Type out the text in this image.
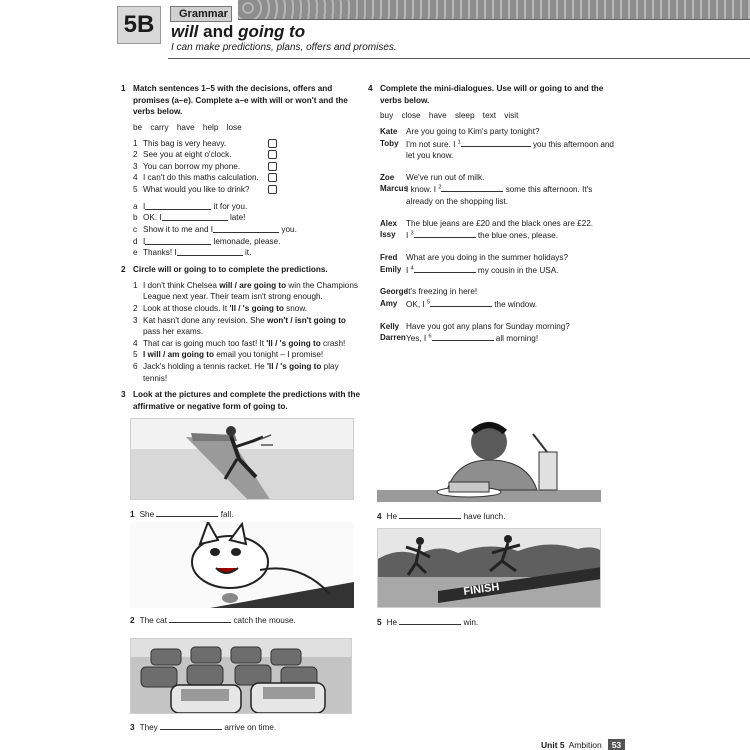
5B	Grammar
will and going to
I can make predictions, plans, offers and promises.
1 Match sentences 1–5 with the decisions, offers and promises (a–e). Complete a–e with will or won't and the verbs below.
be carry have help lose
1 This bag is very heavy.
2 See you at eight o'clock.
3 You can borrow my phone.
4 I can't do this maths calculation.
5 What would you like to drink?
a I
	it for you.
b OK. I
	late!
c Show it to me and I
	you.
d I
	lemonade, please.
e Thanks! I
	it.
2 Circle will or going to to complete the predictions.
1 I don't think Chelsea will / are going to win the Champions League next year. Their team isn't strong enough.
2 Look at those clouds. It 'll / 's going to snow.
3 Kat hasn't done any revision. She won't / isn't going to pass her exams.
4 That car is going much too fast! It 'll / 's going to crash!
5 I will / am going to email you tonight – I promise!
6 Jack's holding a tennis racket. He 'll / 's going to play tennis!
3 Look at the pictures and complete the predictions with the affirmative or negative form of going to.
4 Complete the mini-dialogues. Use will or going to and the verbs below.
buy close have sleep text visit
Kate	Are you going to Kim's party tonight?
Toby I'm not sure. I $^1$	you this afternoon and let you know.
Zoe	We've run out of milk.
Marcus
I know. I $^2$	some this afternoon. It's already on the shopping list.
Alex	The blue jeans are £20 and the black ones are £22.
Issy	I $^3$	the blue ones, please.
Fred	What are you doing in the summer holidays?
Emily I $^4$	my cousin in the USA.
George
It's freezing in here!
Amy	OK, I $^5$	the window.
Kelly Have you got any plans for Sunday morning?
Darren Yes, I $^6$	all morning!
1 She

	fall.
2 The cat

	catch the mouse.
3 They

	arrive on time.
4 He

	have lunch.
FINISH
5 He

	win.
Unit 5 Ambition	53
